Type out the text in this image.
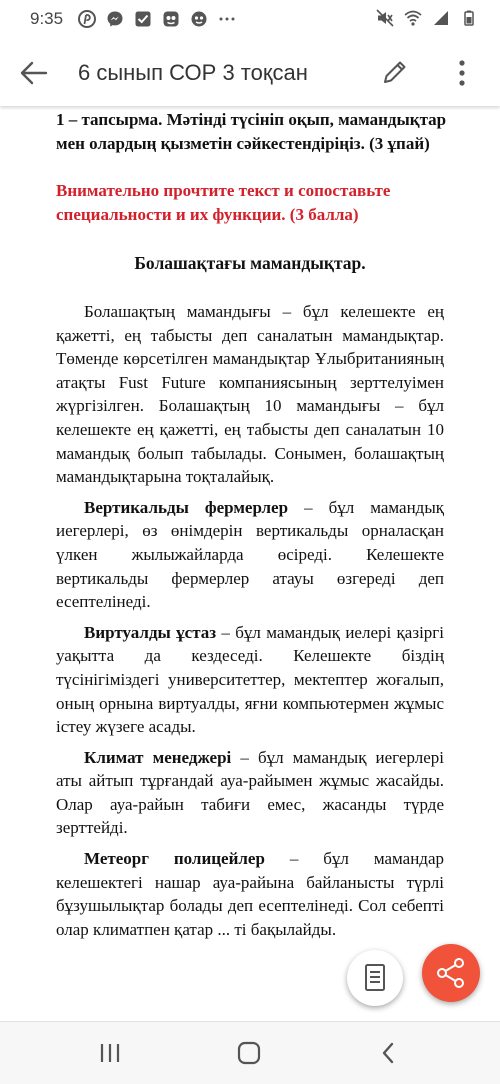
9:35
6 сынып СОР 3 тоқсан
1 – тапсырма. Мәтінді түсініп оқып, мамандықтар мен олардың қызметін сәйкестендіріңіз. (3 ұпай)
Внимательно прочтите текст и сопоставьте специальности и их функции. (3 балла)
Болашақтағы мамандықтар.

Болашақтың мамандығы – бұл келешекте ең қажетті, ең табысты деп саналатын мамандықтар. Төменде көрсетілген мамандықтар Ұлыбританияның атақты Fust Future компаниясының зерттелуімен жүргізілген. Болашақтың 10 мамандығы – бұл келешекте ең қажетті, ең табысты деп саналатын 10 мамандық болып табылады. Сонымен, болашақтың мамандықтарына тоқталайық.

Вертикальды фермерлер – бұл мамандық иегерлері, өз өнімдерін вертикальды орналасқан үлкен жылыжайларда өсіреді. Келешекте вертикальды фермерлер атауы өзгереді деп есептелінеді.

Виртуалды ұстаз – бұл мамандық иелері қазіргі уақытта да кездеседі. Келешекте біздің түсінігіміздегі университеттер, мектептер жоғалып, оның орнына виртуалды, яғни компьютермен жұмыс істеу жүзеге асады.

Климат менеджері – бұл мамандық иегерлері аты айтып тұрғандай ауа-райымен жұмыс жасайды. Олар ауа-райын табиғи емес, жасанды түрде зерттейді.

Метеорг полицейлер – бұл мамандар келешектегі нашар ауа-райына байланысты түрлі бұзушылықтар болады деп есептелінеді. Сол себепті олар климатпен қатар ... ті бақылайды.
